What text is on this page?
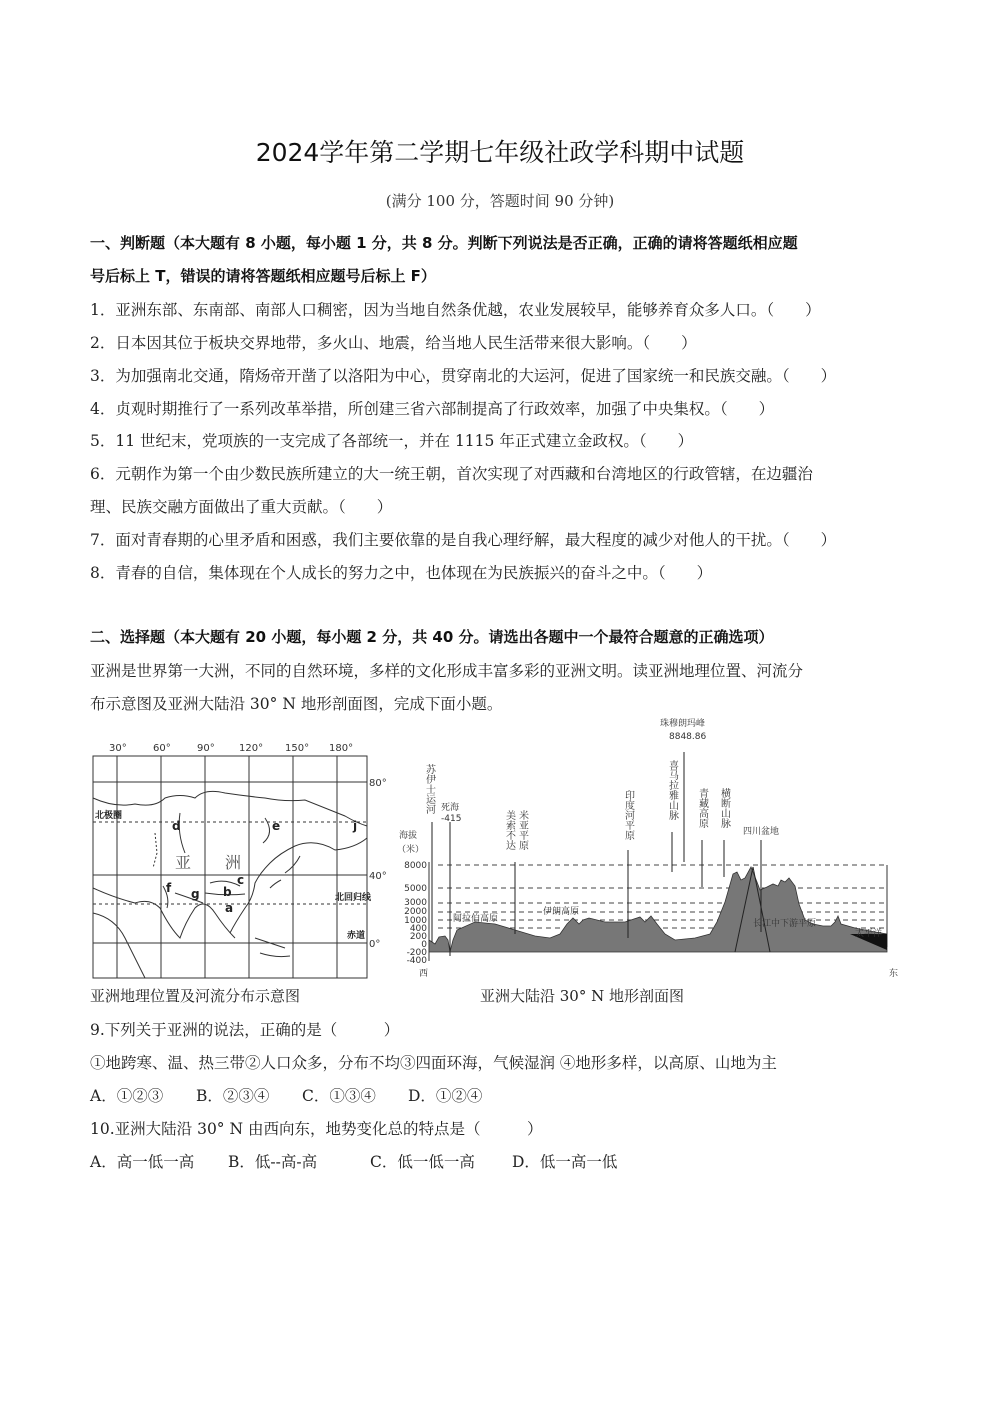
2024学年第二学期七年级社政学科期中试题
(满分 100 分，答题时间 90 分钟)
一、判断题（本大题有 8 小题，每小题 1 分，共 8 分。判断下列说法是否正确，正确的请将答题纸相应题
号后标上 T，错误的请将答题纸相应题号后标上 F）
1．亚洲东部、东南部、南部人口稠密，因为当地自然条优越，农业发展较早，能够养育众多人口。（　　）
2．日本因其位于板块交界地带，多火山、地震，给当地人民生活带来很大影响。（　　）
3．为加强南北交通，隋炀帝开凿了以洛阳为中心，贯穿南北的大运河，促进了国家统一和民族交融。（　　）
4．贞观时期推行了一系列改革举措，所创建三省六部制提高了行政效率，加强了中央集权。（　　）
5．11 世纪末，党项族的一支完成了各部统一，并在 1115 年正式建立金政权。（　　）
6．元朝作为第一个由少数民族所建立的大一统王朝，首次实现了对西藏和台湾地区的行政管辖，在边疆治
理、民族交融方面做出了重大贡献。（　　）
7．面对青春期的心里矛盾和困惑，我们主要依靠的是自我心理纾解，最大程度的减少对他人的干扰。（　　）
8．青春的自信，集体现在个人成长的努力之中，也体现在为民族振兴的奋斗之中。（　　）
二、选择题（本大题有 20 小题，每小题 2 分，共 40 分。请选出各题中一个最符合题意的正确选项）
亚洲是世界第一大洲，不同的自然环境，多样的文化形成丰富多彩的亚洲文明。读亚洲地理位置、河流分
布示意图及亚洲大陆沿 30° N 地形剖面图，完成下面小题。
30°	60°	90° 120° 150° 180°
80°
40°
0°
北极圈
北回归线
赤道
亚 洲
a
b
c
d	e
f g
j
8000
5000
3000
2000
1000
400
200
0
-200
-400
海拔
（米）
西	东
珠穆朗玛峰
8848.86
死海
-415
阿拉伯高原
伊朗高原
四川盆地
长江中下游平原
太平洋
苏伊士运河
美索不达 米亚平原	印度河平原	喜马拉雅山脉 青藏高原 横断山脉
亚洲地理位置及河流分布示意图	亚洲大陆沿 30° N 地形剖面图
9.下列关于亚洲的说法，正确的是（　　　）
①地跨寒、温、热三带②人口众多，分布不均③四面环海，气候湿润 ④地形多样，以高原、山地为主
A．①②③ B．②③④ C．①③④ D．①②④
10.亚洲大陆沿 30° N 由西向东，地势变化总的特点是（　　　）
A．高一低一高 B．低--高-高	C．低一低一高 D．低一高一低
